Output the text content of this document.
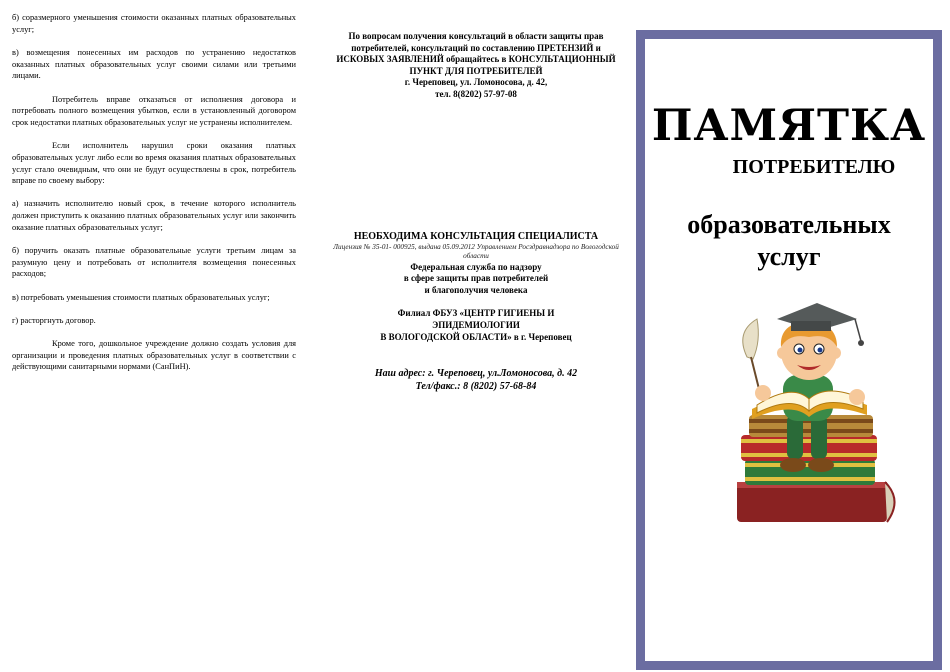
б) соразмерного уменьшения стоимости оказанных платных образовательных услуг;

в) возмещения понесенных им расходов по устранению недостатков оказанных платных образовательных услуг своими силами или третьими лицами.

Потребитель вправе отказаться от исполнения договора и потребовать полного возмещения убытков, если в установленный договором срок недостатки платных образовательных услуг не устранены исполнителем.

Если исполнитель нарушил сроки оказания платных образовательных услуг либо если во время оказания платных образовательных услуг стало очевидным, что они не будут осуществлены в срок, потребитель вправе по своему выбору:

а) назначить исполнителю новый срок, в течение которого исполнитель должен приступить к оказанию платных образовательных услуг или закончить оказание платных образовательных услуг;

б) поручить оказать платные образовательные услуги третьим лицам за разумную цену и потребовать от исполнителя возмещения понесенных расходов;

в) потребовать уменьшения стоимости платных образовательных услуг;

г) расторгнуть договор.

Кроме того, дошкольное учреждение должно создать условия для организации и проведения платных образовательных услуг в соответствии с действующими санитарными нормами (СанПиН).

По вопросам получения консультаций в области защиты прав потребителей, консультаций по составлению ПРЕТЕНЗИЙ и ИСКОВЫХ ЗАЯВЛЕНИЙ обращайтесь в КОНСУЛЬТАЦИОННЫЙ ПУНКТ ДЛЯ ПОТРЕБИТЕЛЕЙ

г. Череповец, ул. Ломоносова, д. 42,

тел. 8(8202) 57-97-08

НЕОБХОДИМА КОНСУЛЬТАЦИЯ СПЕЦИАЛИСТА

Лицензия № 35-01- 000925, выдана 05.09.2012 Управлением Росздравнадзора по Вологодской области

Федеральная служба по надзору

в сфере защиты прав потребителей

и благополучия человека

Филиал ФБУЗ «ЦЕНТР ГИГИЕНЫ И

ЭПИДЕМИОЛОГИИ

В ВОЛОГОДСКОЙ ОБЛАСТИ» в г. Череповец

Наш адрес: г. Череповец, ул.Ломоносова, д. 42

Тел/факс.: 8 (8202) 57-68-84

ПАМЯТКА
ПОТРЕБИТЕЛЮ
образовательных
услуг
